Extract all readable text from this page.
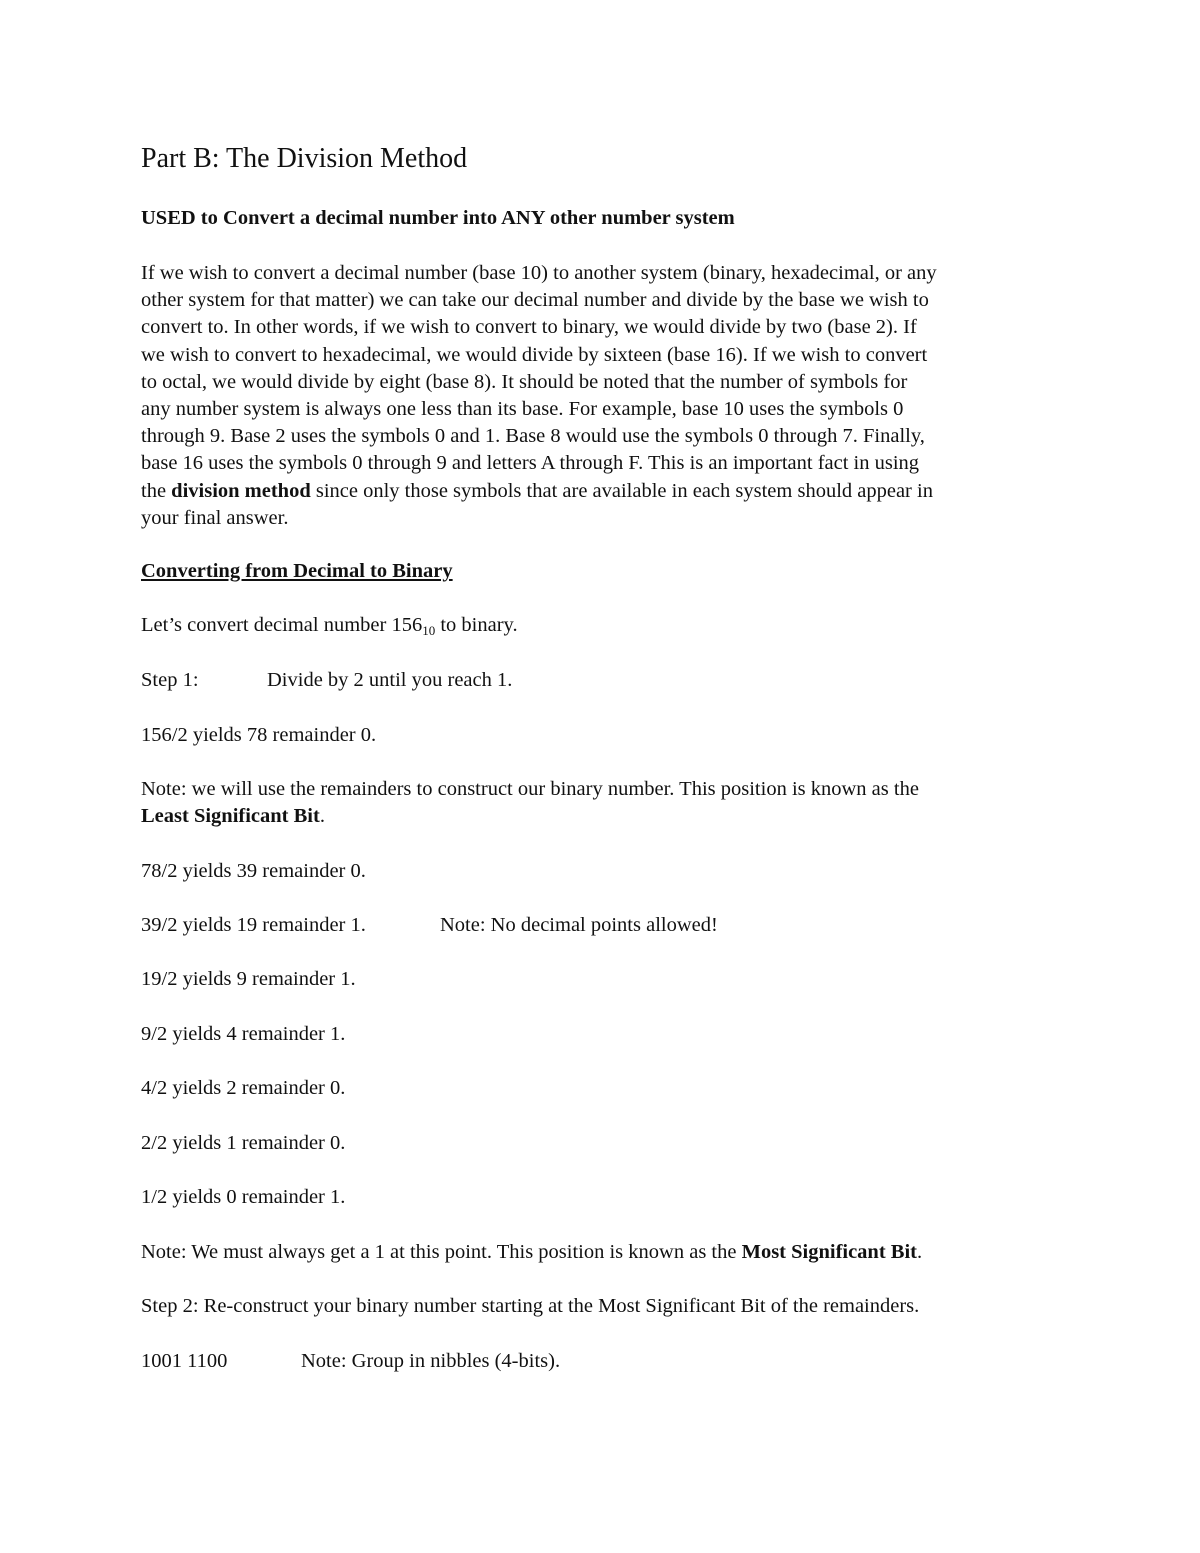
Part B: The Division Method
USED to Convert a decimal number into ANY other number system
If we wish to convert a decimal number (base 10) to another system (binary, hexadecimal, or any
other system for that matter) we can take our decimal number and divide by the base we wish to
convert to. In other words, if we wish to convert to binary, we would divide by two (base 2). If
we wish to convert to hexadecimal, we would divide by sixteen (base 16). If we wish to convert
to octal, we would divide by eight (base 8). It should be noted that the number of symbols for
any number system is always one less than its base. For example, base 10 uses the symbols 0
through 9. Base 2 uses the symbols 0 and 1. Base 8 would use the symbols 0 through 7. Finally,
base 16 uses the symbols 0 through 9 and letters A through F. This is an important fact in using
the division method since only those symbols that are available in each system should appear in
your final answer.
Converting from Decimal to Binary
Let’s convert decimal number $156_{10}$ to binary.
Step 1:	Divide by 2 until you reach 1.
156/2 yields 78 remainder 0.
Note: we will use the remainders to construct our binary number. This position is known as the
Least Significant Bit.
78/2 yields 39 remainder 0.
39/2 yields 19 remainder 1.	Note: No decimal points allowed!
19/2 yields 9 remainder 1.
9/2 yields 4 remainder 1.
4/2 yields 2 remainder 0.
2/2 yields 1 remainder 0.
1/2 yields 0 remainder 1.
Note: We must always get a 1 at this point. This position is known as the Most Significant Bit.
Step 2: Re-construct your binary number starting at the Most Significant Bit of the remainders.
1001 1100	Note: Group in nibbles (4-bits).
